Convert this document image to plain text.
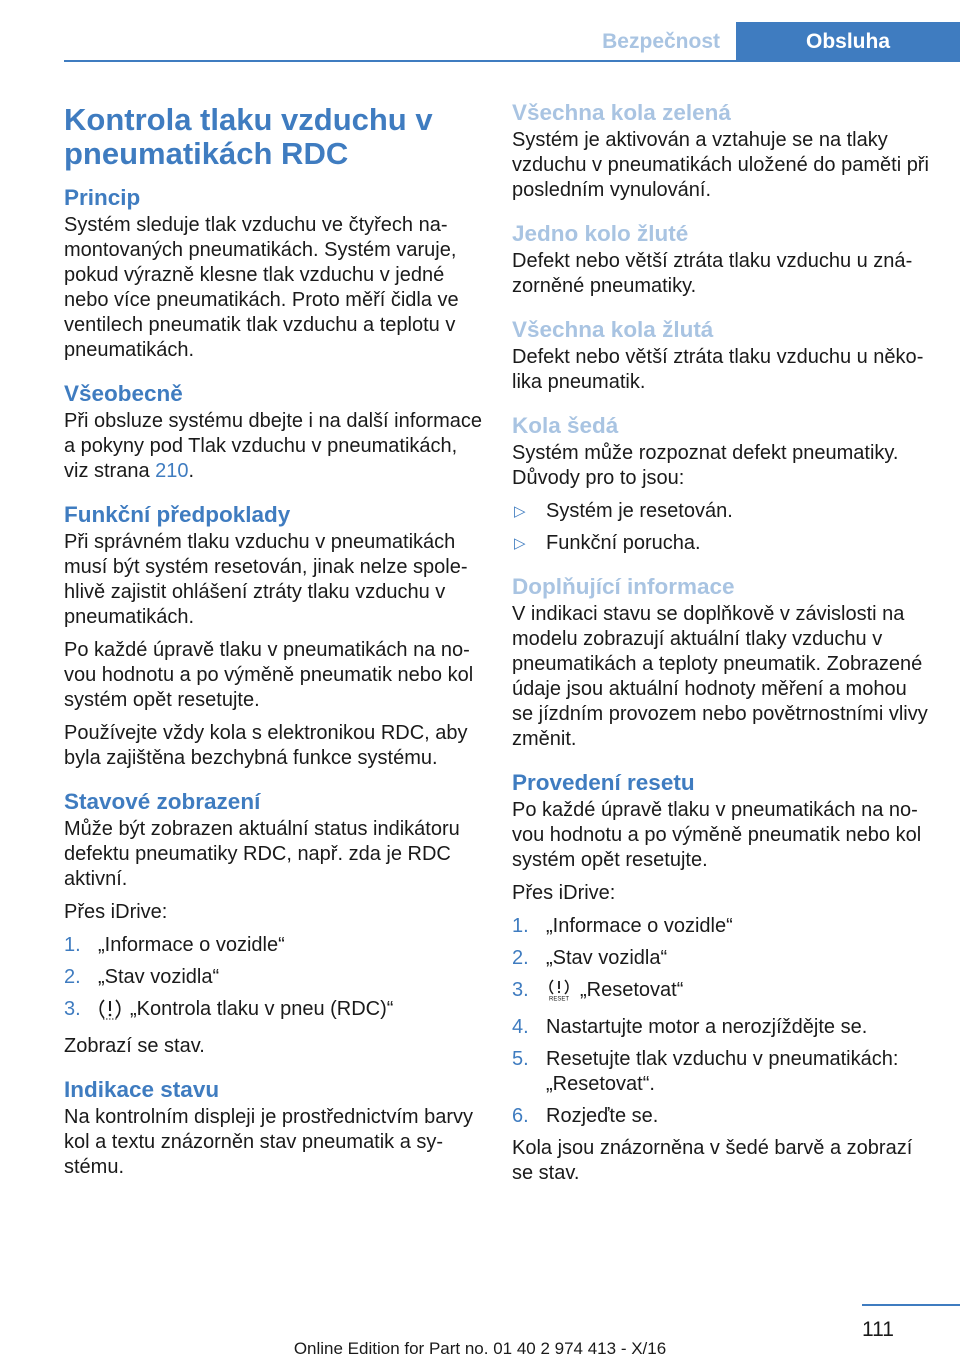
Bezpečnost	Obsluha
Kontrola tlaku vzduchu v pneumatikách RDC
Princip
Systém sleduje tlak vzduchu ve čtyřech namontovaných pneumatikách. Systém varuje, pokud výrazně klesne tlak vzduchu v jedné nebo více pneumatikách. Proto měří čidla ve ventilech pneumatik tlak vzduchu a teplotu v pneumatikách.
Všeobecně
Při obsluze systému dbejte i na další informace a pokyny pod Tlak vzduchu v pneumatikách, viz strana 210.
Funkční předpoklady
Při správném tlaku vzduchu v pneumatikách musí být systém resetován, jinak nelze spolehlivě zajistit ohlášení ztráty tlaku vzduchu v pneumatikách.
Po každé úpravě tlaku v pneumatikách na novou hodnotu a po výměně pneumatik nebo kol systém opět resetujte.
Používejte vždy kola s elektronikou RDC, aby byla zajištěna bezchybná funkce systému.
Stavové zobrazení
Může být zobrazen aktuální status indikátoru defektu pneumatiky RDC, např. zda je RDC aktivní.
Přes iDrive:
1. „Informace o vozidle“
2. „Stav vozidla“
3. „Kontrola tlaku v pneu (RDC)“
Zobrazí se stav.
Indikace stavu
Na kontrolním displeji je prostřednictvím barvy kol a textu znázorněn stav pneumatik a systému.
Všechna kola zelená
Systém je aktivován a vztahuje se na tlaky vzduchu v pneumatikách uložené do paměti při posledním vynulování.
Jedno kolo žluté
Defekt nebo větší ztráta tlaku vzduchu u znázorněné pneumatiky.
Všechna kola žlutá
Defekt nebo větší ztráta tlaku vzduchu u několika pneumatik.
Kola šedá
Systém může rozpoznat defekt pneumatiky. Důvody pro to jsou:
▷ Systém je resetován.
▷ Funkční porucha.
Doplňující informace
V indikaci stavu se doplňkově v závislosti na modelu zobrazují aktuální tlaky vzduchu v pneumatikách a teploty pneumatik. Zobrazené údaje jsou aktuální hodnoty měření a mohou se jízdním provozem nebo povětrnostními vlivy změnit.
Provedení resetu
Po každé úpravě tlaku v pneumatikách na novou hodnotu a po výměně pneumatik nebo kol systém opět resetujte.
Přes iDrive:
1. „Informace o vozidle“
2. „Stav vozidla“
3.	RESET „Resetovat“
4. Nastartujte motor a nerozjíždějte se.
5. Resetujte tlak vzduchu v pneumatikách: „Resetovat“.
6. Rozjeďte se.
Kola jsou znázorněna v šedé barvě a zobrazí se stav.
111
Online Edition for Part no. 01 40 2 974 413 - X/16
